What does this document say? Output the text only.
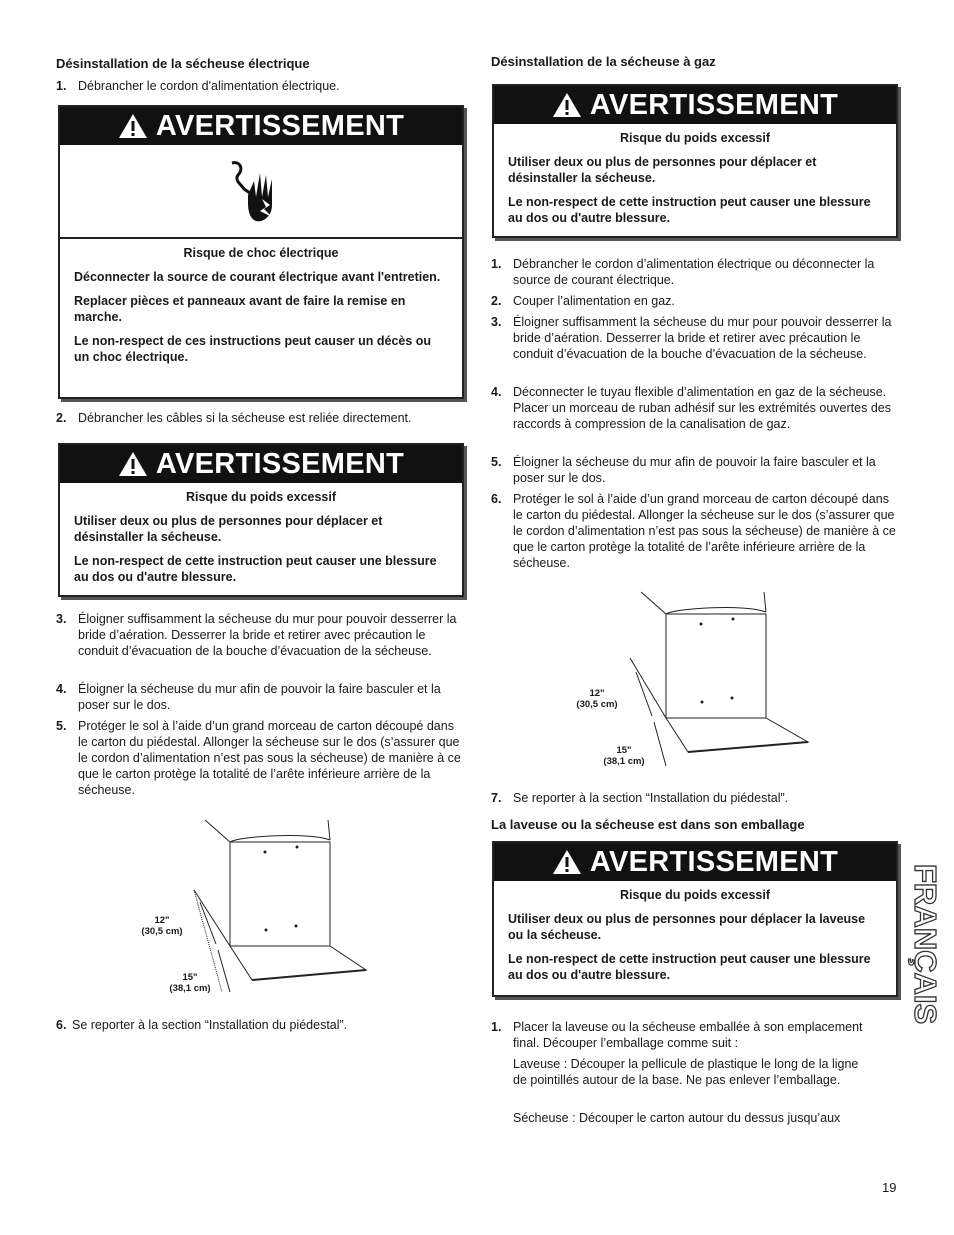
Désinstallation de la sécheuse électrique
1. Débrancher le cordon d'alimentation électrique.
AVERTISSEMENT
Risque de choc électrique

Déconnecter la source de courant électrique avant l'entretien.

Replacer pièces et panneaux avant de faire la remise en marche.

Le non-respect de ces instructions peut causer un décès ou un choc électrique.

2. Débrancher les câbles si la sécheuse est reliée directement.
AVERTISSEMENT
Risque du poids excessif

Utiliser deux ou plus de personnes pour déplacer et désinstaller la sécheuse.

Le non-respect de cette instruction peut causer une blessure au dos ou d'autre blessure.

3. Éloigner suffisamment la sécheuse du mur pour pouvoir desserrer la bride d’aération. Desserrer la bride et retirer avec précaution le conduit d’évacuation de la bouche d’évacuation de la sécheuse.
4. Éloigner la sécheuse du mur afin de pouvoir la faire basculer et la poser sur le dos.
5. Protéger le sol à l’aide d’un grand morceau de carton découpé dans le carton du piédestal. Allonger la sécheuse sur le dos (s’assurer que le cordon d’alimentation n’est pas sous la sécheuse) de manière à ce que le carton protège la totalité de l’arête inférieure arrière de la sécheuse.
12"
(30,5 cm)
15"
(38,1 cm)
6. Se reporter à la section “Installation du piédestal”.
Désinstallation de la sécheuse à gaz
AVERTISSEMENT
Risque du poids excessif

Utiliser deux ou plus de personnes pour déplacer et désinstaller la sécheuse.

Le non-respect de cette instruction peut causer une blessure au dos ou d'autre blessure.

1. Débrancher le cordon d’alimentation électrique ou déconnecter la source de courant électrique.
2. Couper l’alimentation en gaz.
3. Éloigner suffisamment la sécheuse du mur pour pouvoir desserrer la bride d’aération. Desserrer la bride et retirer avec précaution le conduit d’évacuation de la bouche d’évacuation de la sécheuse.
4. Déconnecter le tuyau flexible d’alimentation en gaz de la sécheuse. Placer un morceau de ruban adhésif sur les extrémités ouvertes des raccords à compression de la canalisation de gaz.
5. Éloigner la sécheuse du mur afin de pouvoir la faire basculer et la poser sur le dos.
6. Protéger le sol à l’aide d’un grand morceau de carton découpé dans le carton du piédestal. Allonger la sécheuse sur le dos (s’assurer que le cordon d’alimentation n’est pas sous la sécheuse) de manière à ce que le carton protège la totalité de l’arête inférieure arrière de la sécheuse.
12"
(30,5 cm)
15"
(38,1 cm)
7. Se reporter à la section “Installation du piédestal”.
La laveuse ou la sécheuse est dans son emballage
AVERTISSEMENT
Risque du poids excessif

Utiliser deux ou plus de personnes pour déplacer la laveuse ou la sécheuse.

Le non-respect de cette instruction peut causer une blessure au dos ou d'autre blessure.

1. Placer la laveuse ou la sécheuse emballée à son emplacement final. Découper l’emballage comme suit :
Laveuse : Découper la pellicule de plastique le long de la ligne de pointillés autour de la base. Ne pas enlever l’emballage.
Sécheuse : Découper le carton autour du dessus jusqu’aux
FRANÇAIS
19
